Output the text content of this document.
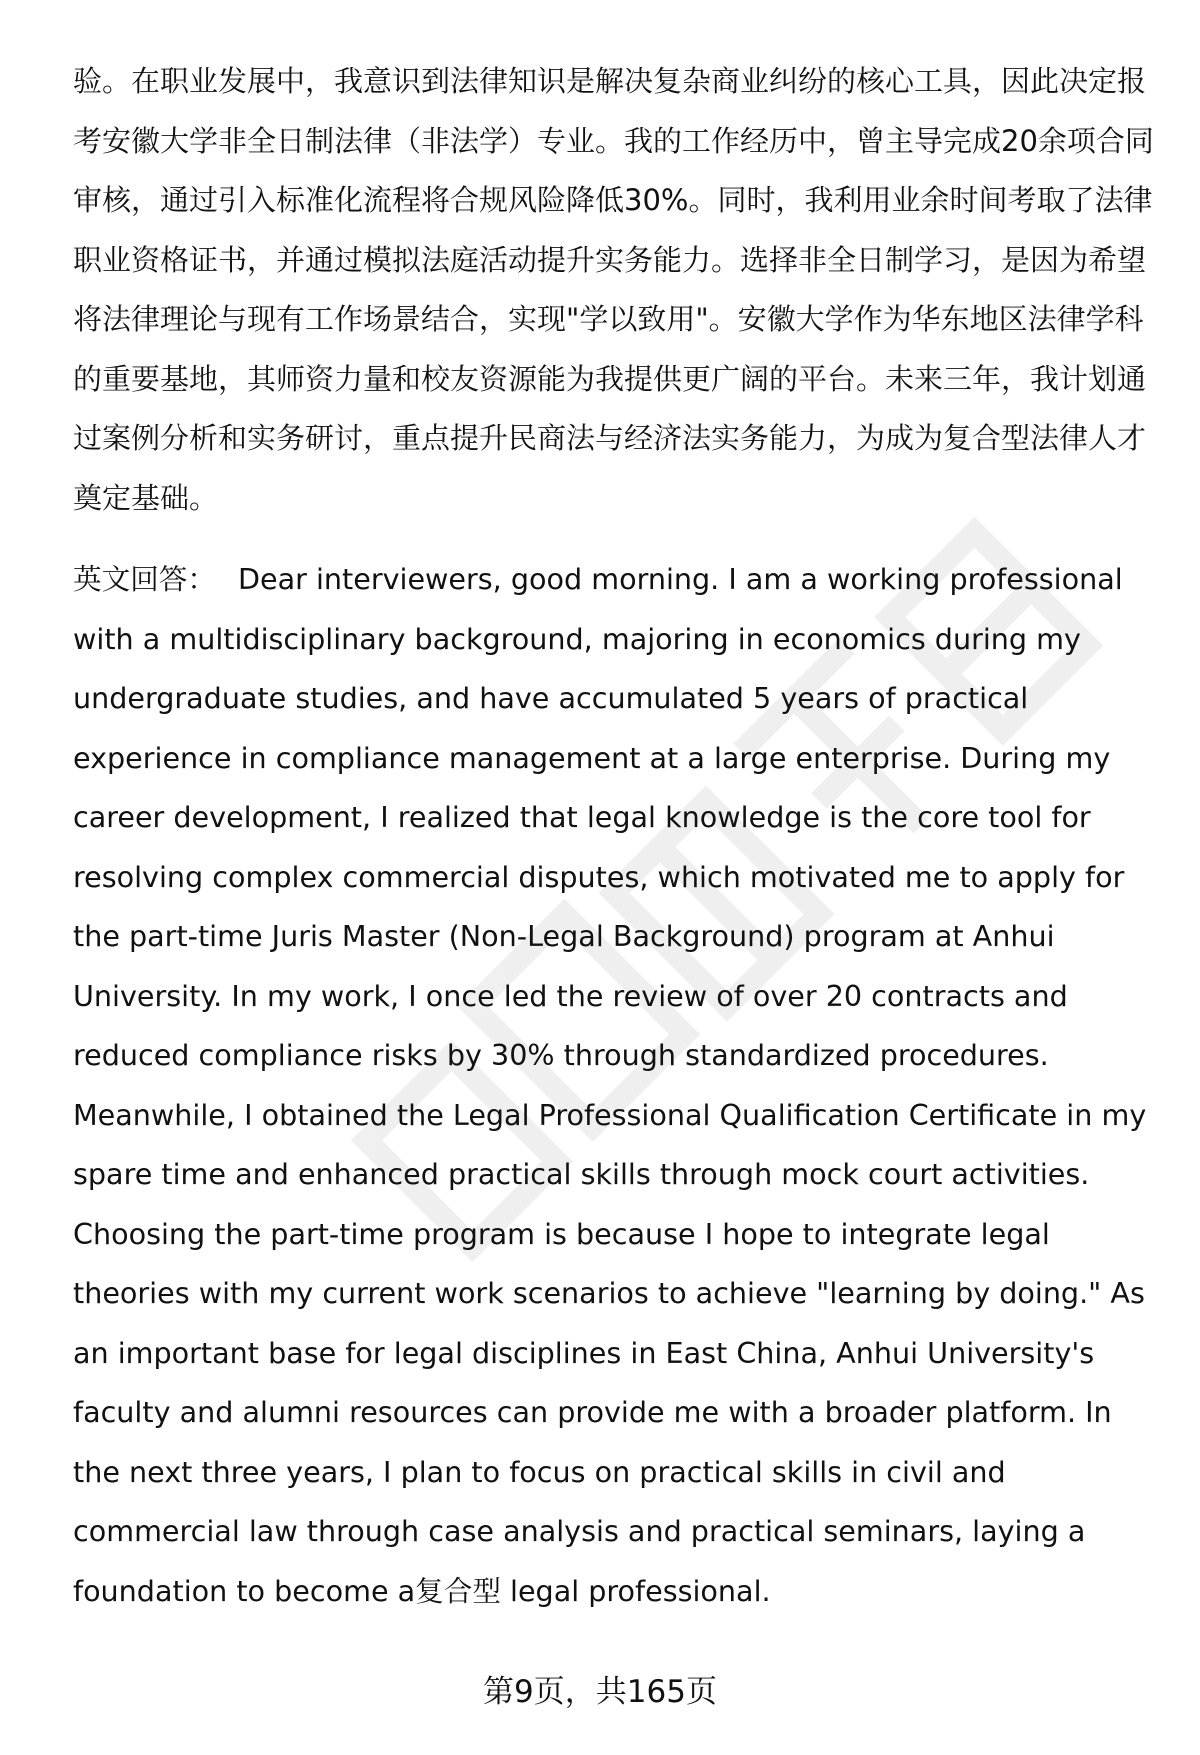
验。在职业发展中，我意识到法律知识是解决复杂商业纠纷的核心工具，因此决定报考安徽大学非全日制法律（非法学）专业。我的工作经历中，曾主导完成20余项合同审核，通过引入标准化流程将合规风险降低30%。同时，我利用业余时间考取了法律职业资格证书，并通过模拟法庭活动提升实务能力。选择非全日制学习，是因为希望将法律理论与现有工作场景结合，实现"学以致用"。安徽大学作为华东地区法律学科的重要基地，其师资力量和校友资源能为我提供更广阔的平台。未来三年，我计划通过案例分析和实务研讨，重点提升民商法与经济法实务能力，为成为复合型法律人才奠定基础。

英文回答： Dear interviewers, good morning. I am a working professional with a multidisciplinary background, majoring in economics during my undergraduate studies, and have accumulated 5 years of practical experience in compliance management at a large enterprise. During my career development, I realized that legal knowledge is the core tool for resolving complex commercial disputes, which motivated me to apply for the part-time Juris Master (Non-Legal Background) program at Anhui University. In my work, I once led the review of over 20 contracts and reduced compliance risks by 30% through standardized procedures. Meanwhile, I obtained the Legal Professional Qualification Certificate in my spare time and enhanced practical skills through mock court activities. Choosing the part-time program is because I hope to integrate legal theories with my current work scenarios to achieve "learning by doing." As an important base for legal disciplines in East China, Anhui University's faculty and alumni resources can provide me with a broader platform. In the next three years, I plan to focus on practical skills in civil and commercial law through case analysis and practical seminars, laying a foundation to become a复合型 legal professional.

第9页，共165页
